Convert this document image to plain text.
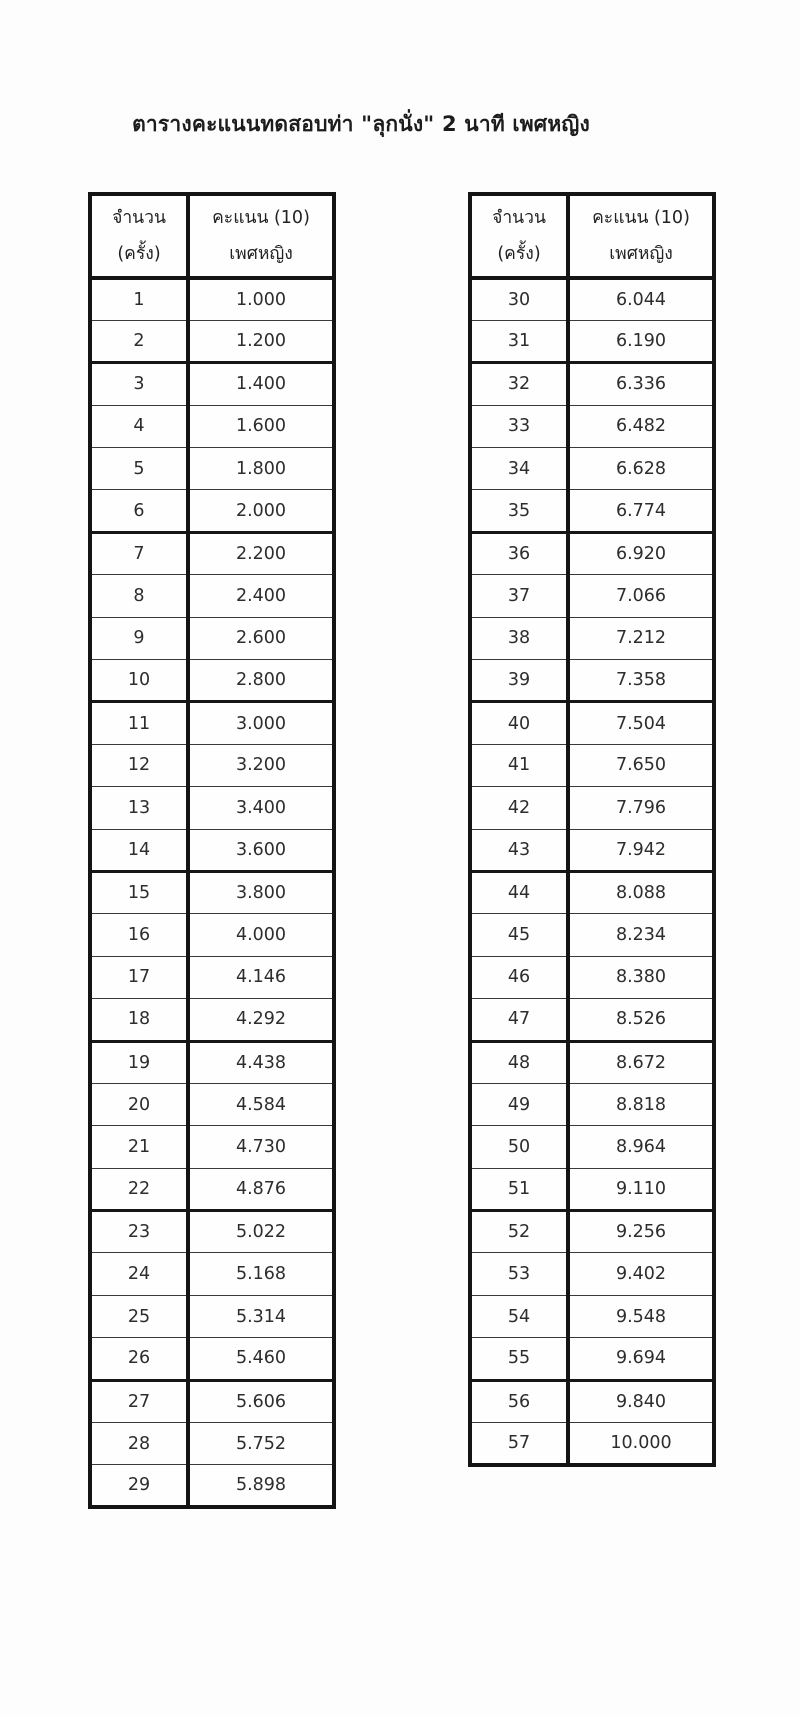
ตารางคะแนนทดสอบท่า "ลุกนั่ง" 2 นาที เพศหญิง
จำนวน
(ครั้ง)

คะแนน (10)
เพศหญิง

1	1.000
2	1.200
3	1.400
4	1.600
5	1.800
6	2.000
7	2.200
8	2.400
9	2.600
10	2.800
11	3.000
12	3.200
13	3.400
14	3.600
15	3.800
16	4.000
17	4.146
18	4.292
19	4.438
20	4.584
21	4.730
22	4.876
23	5.022
24	5.168
25	5.314
26	5.460
27	5.606
28	5.752
29	5.898
จำนวน
(ครั้ง)

คะแนน (10)
เพศหญิง

30	6.044
31	6.190
32	6.336
33	6.482
34	6.628
35	6.774
36	6.920
37	7.066
38	7.212
39	7.358
40	7.504
41	7.650
42	7.796
43	7.942
44	8.088
45	8.234
46	8.380
47	8.526
48	8.672
49	8.818
50	8.964
51	9.110
52	9.256
53	9.402
54	9.548
55	9.694
56	9.840
57	10.000
